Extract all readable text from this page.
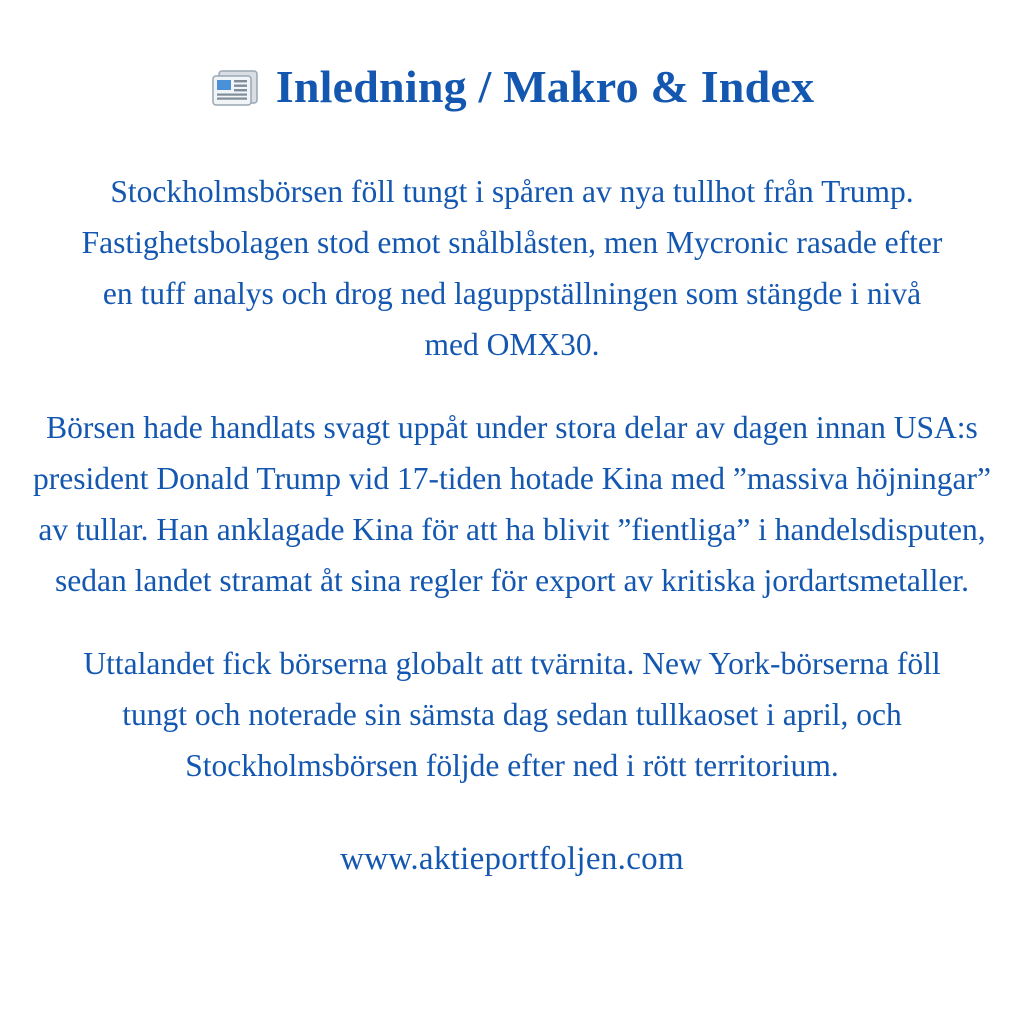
Inledning / Makro & Index
Stockholmsbörsen föll tungt i spåren av nya tullhot från Trump. Fastighetsbolagen stod emot snålblåsten, men Mycronic rasade efter en tuff analys och drog ned laguppställningen som stängde i nivå med OMX30.
Börsen hade handlats svagt uppåt under stora delar av dagen innan USA:s president Donald Trump vid 17-tiden hotade Kina med ”massiva höjningar” av tullar. Han anklagade Kina för att ha blivit ”fientliga” i handelsdisputen, sedan landet stramat åt sina regler för export av kritiska jordartsmetaller.
Uttalandet fick börserna globalt att tvärnita. New York-börserna föll tungt och noterade sin sämsta dag sedan tullkaoset i april, och Stockholmsbörsen följde efter ned i rött territorium.
www.aktieportfoljen.com
